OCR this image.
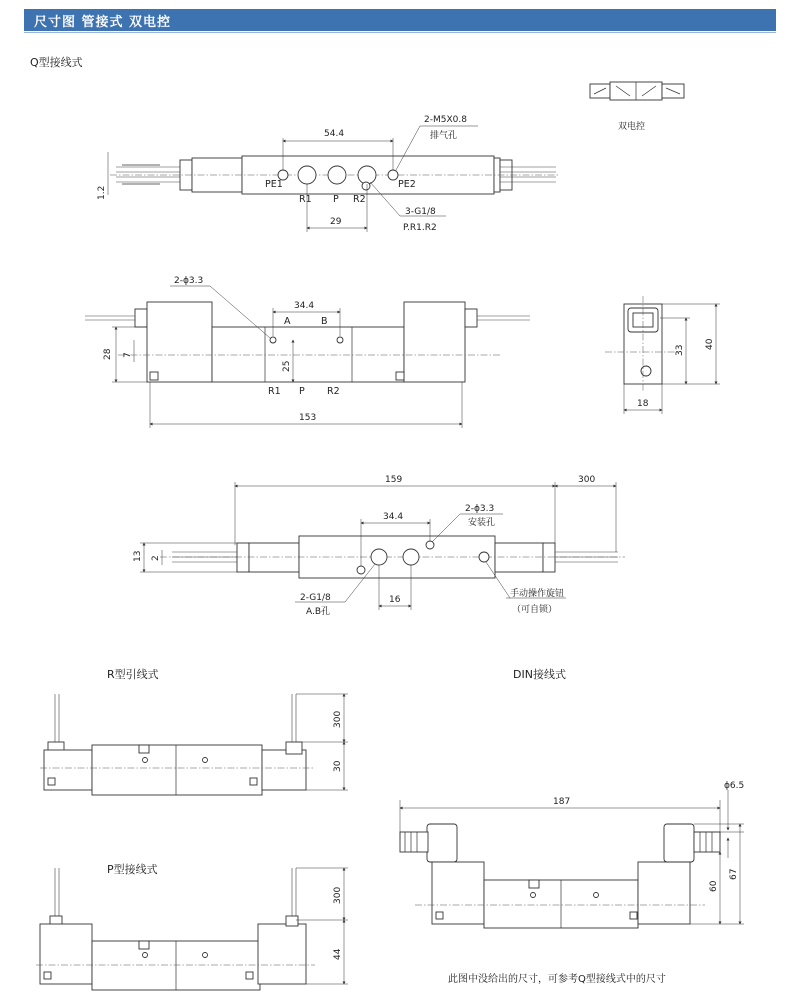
尺寸图 管接式 双电控
Q型接线式
54.4
1.2
PE1	PE2
R1 P R2
2-M5X0.8
排气孔
3-G1/8
P.R1.R2
29
双电控
2-ϕ3.3
34.4
A	B
28 7
25
R1 P R2
153
33
40
18
159	300
34.4
2-ϕ3.3
安装孔
13 2
2-G1/8
A.B孔
16
手动操作旋钮
（可自锁）
R型引线式
300
30
P型接线式
300
44
DIN接线式
187
ϕ6.5
60
67
此图中没给出的尺寸，可参考Q型接线式中的尺寸
